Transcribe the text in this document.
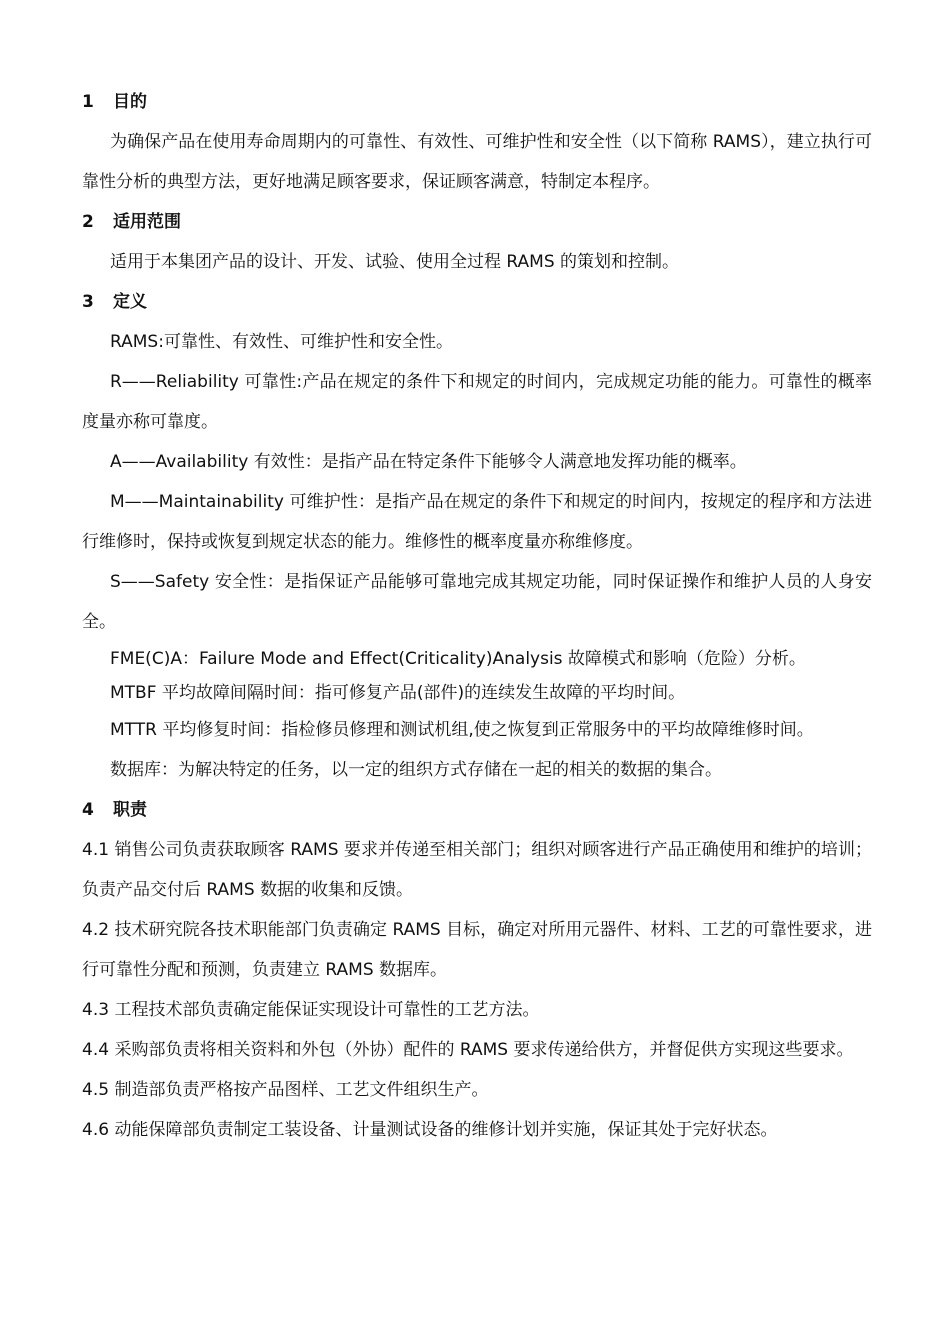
1 目的

为确保产品在使用寿命周期内的可靠性、有效性、可维护性和安全性（以下简称 RAMS），建立执行可靠性分析的典型方法，更好地满足顾客要求，保证顾客满意，特制定本程序。

2 适用范围

适用于本集团产品的设计、开发、试验、使用全过程 RAMS 的策划和控制。

3 定义

RAMS:可靠性、有效性、可维护性和安全性。

R——Reliability 可靠性:产品在规定的条件下和规定的时间内，完成规定功能的能力。可靠性的概率度量亦称可靠度。

A——Availability 有效性：是指产品在特定条件下能够令人满意地发挥功能的概率。

M——Maintainability 可维护性：是指产品在规定的条件下和规定的时间内，按规定的程序和方法进行维修时，保持或恢复到规定状态的能力。维修性的概率度量亦称维修度。

S——Safety 安全性：是指保证产品能够可靠地完成其规定功能，同时保证操作和维护人员的人身安全。

FME(C)A：Failure Mode and Effect(Criticality)Analysis 故障模式和影响（危险）分析。

MTBF 平均故障间隔时间：指可修复产品(部件)的连续发生故障的平均时间。

MTTR 平均修复时间：指检修员修理和测试机组,使之恢复到正常服务中的平均故障维修时间。

数据库：为解决特定的任务，以一定的组织方式存储在一起的相关的数据的集合。

4 职责

4.1 销售公司负责获取顾客 RAMS 要求并传递至相关部门；组织对顾客进行产品正确使用和维护的培训；负责产品交付后 RAMS 数据的收集和反馈。

4.2 技术研究院各技术职能部门负责确定 RAMS 目标，确定对所用元器件、材料、工艺的可靠性要求，进行可靠性分配和预测，负责建立 RAMS 数据库。

4.3 工程技术部负责确定能保证实现设计可靠性的工艺方法。

4.4 采购部负责将相关资料和外包（外协）配件的 RAMS 要求传递给供方，并督促供方实现这些要求。

4.5 制造部负责严格按产品图样、工艺文件组织生产。

4.6 动能保障部负责制定工装设备、计量测试设备的维修计划并实施，保证其处于完好状态。
